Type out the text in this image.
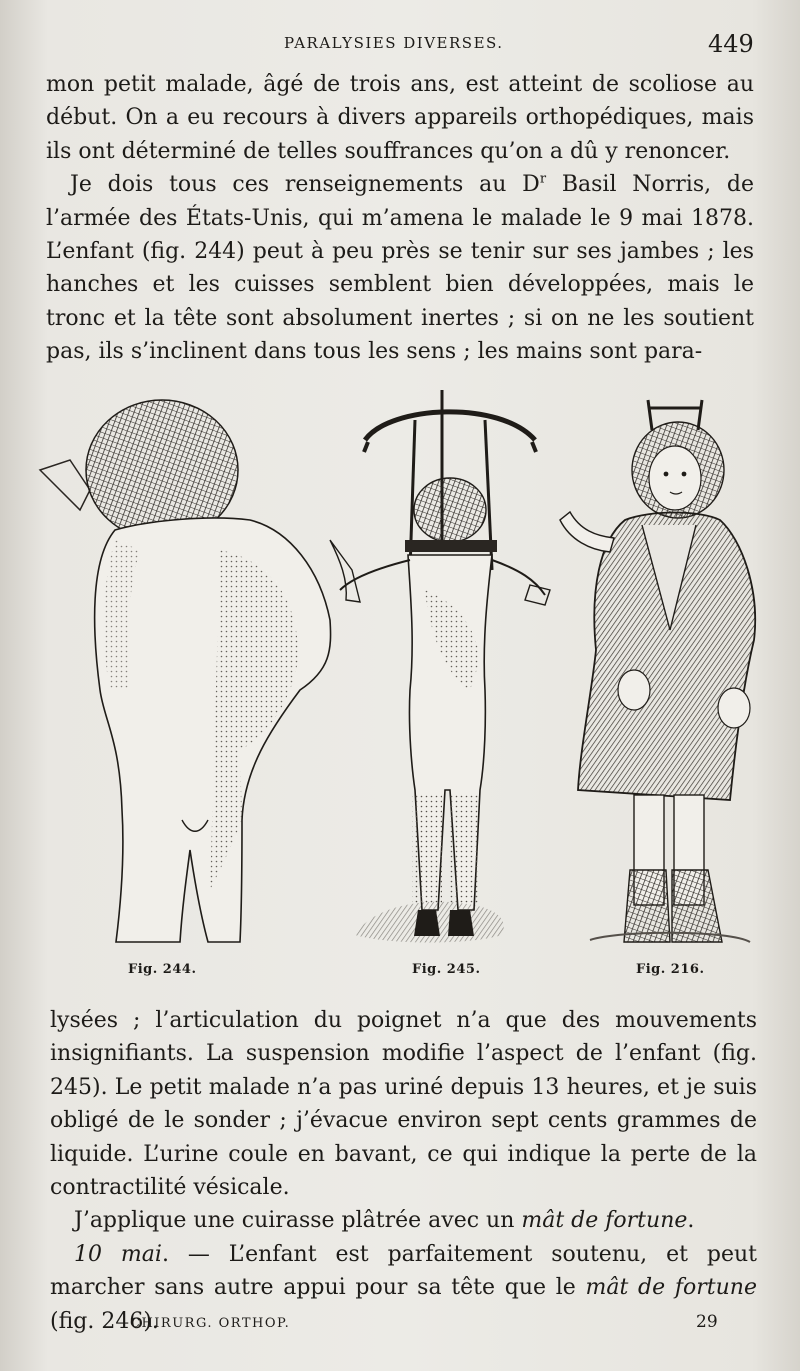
PARALYSIES DIVERSES.	449

mon petit malade, âgé de trois ans, est atteint de scoliose au début. On a eu recours à divers appareils orthopédiques, mais ils ont déterminé de telles souffrances qu’on a dû y renoncer.

Je dois tous ces renseignements au $D^r$ Basil Norris, de l’armée des États-Unis, qui m’amena le malade le 9 mai 1878. L’enfant (fig. 244) peut à peu près se tenir sur ses jambes ; les hanches et les cuisses semblent bien développées, mais le tronc et la tête sont absolument inertes ; si on ne les soutient pas, ils s’inclinent dans tous les sens ; les mains sont para-

Fig. 244.	Fig. 245.	Fig. 216.

lysées ; l’articulation du poignet n’a que des mouvements insignifiants. La suspension modifie l’aspect de l’enfant (fig. 245). Le petit malade n’a pas uriné depuis 13 heures, et je suis obligé de le sonder ; j’évacue environ sept cents grammes de liquide. L’urine coule en bavant, ce qui indique la perte de la contractilité vésicale.

J’applique une cuirasse plâtrée avec un mât de fortune.

10 mai. — L’enfant est parfaitement soutenu, et peut marcher sans autre appui pour sa tête que le mât de fortune (fig. 246).

CHIRURG. ORTHOP.	29
